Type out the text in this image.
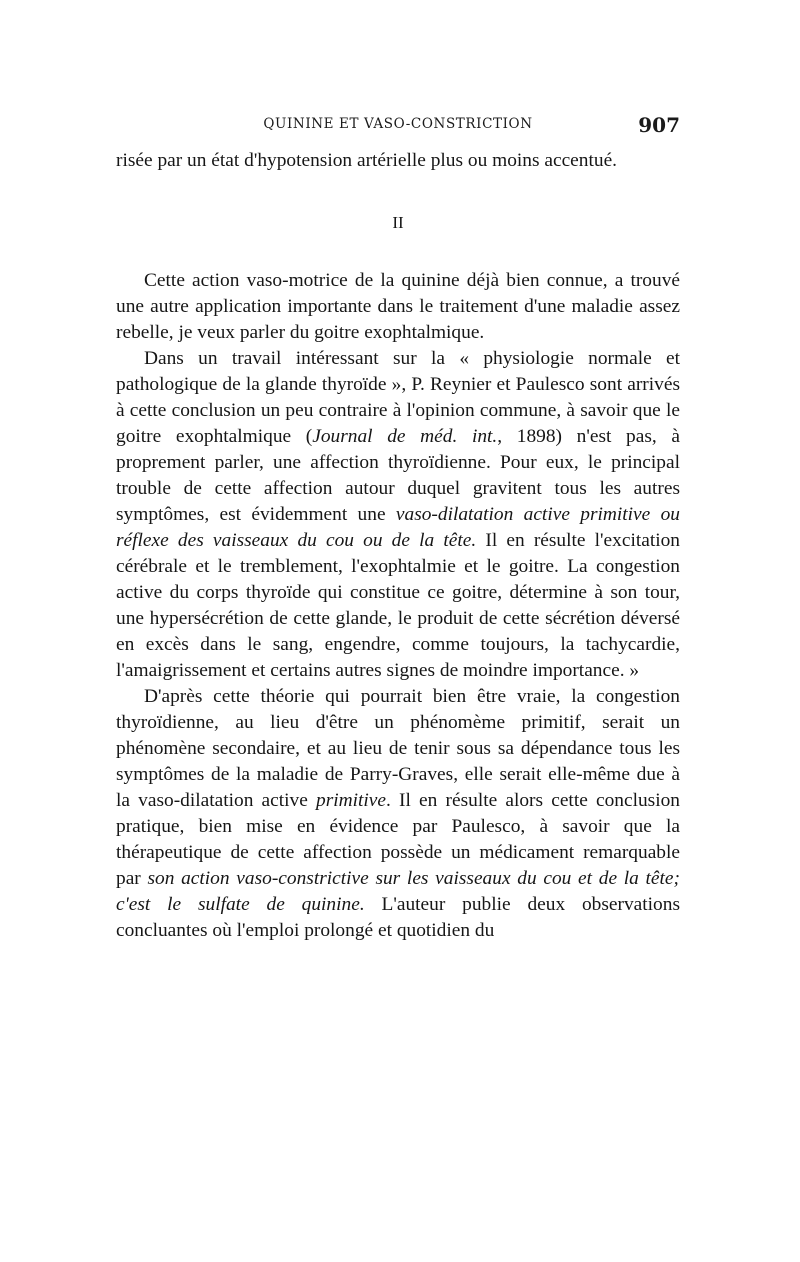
QUININE ET VASO-CONSTRICTION	907

risée par un état d'hypotension artérielle plus ou moins accentué.

II

Cette action vaso-motrice de la quinine déjà bien connue, a trouvé une autre application importante dans le traitement d'une maladie assez rebelle, je veux parler du goitre exophtalmique.

Dans un travail intéressant sur la « physiologie normale et pathologique de la glande thyroïde », P. Reynier et Paulesco sont arrivés à cette conclusion un peu contraire à l'opinion commune, à savoir que le goitre exophtalmique (Journal de méd. int., 1898) n'est pas, à proprement parler, une affection thyroïdienne. Pour eux, le principal trouble de cette affection autour duquel gravitent tous les autres symptômes, est évidemment une vaso-dilatation active primitive ou réflexe des vaisseaux du cou ou de la tête. Il en résulte l'excitation cérébrale et le tremblement, l'exophtalmie et le goitre. La congestion active du corps thyroïde qui constitue ce goitre, détermine à son tour, une hypersécrétion de cette glande, le produit de cette sécrétion déversé en excès dans le sang, engendre, comme toujours, la tachycardie, l'amaigrissement et certains autres signes de moindre importance. »

D'après cette théorie qui pourrait bien être vraie, la congestion thyroïdienne, au lieu d'être un phénomème primitif, serait un phénomène secondaire, et au lieu de tenir sous sa dépendance tous les symptômes de la maladie de Parry-Graves, elle serait elle-même due à la vaso-dilatation active primitive. Il en résulte alors cette conclusion pratique, bien mise en évidence par Paulesco, à savoir que la thérapeutique de cette affection possède un médicament remarquable par son action vaso-constrictive sur les vaisseaux du cou et de la tête; c'est le sulfate de quinine. L'auteur publie deux observations concluantes où l'emploi prolongé et quotidien du
